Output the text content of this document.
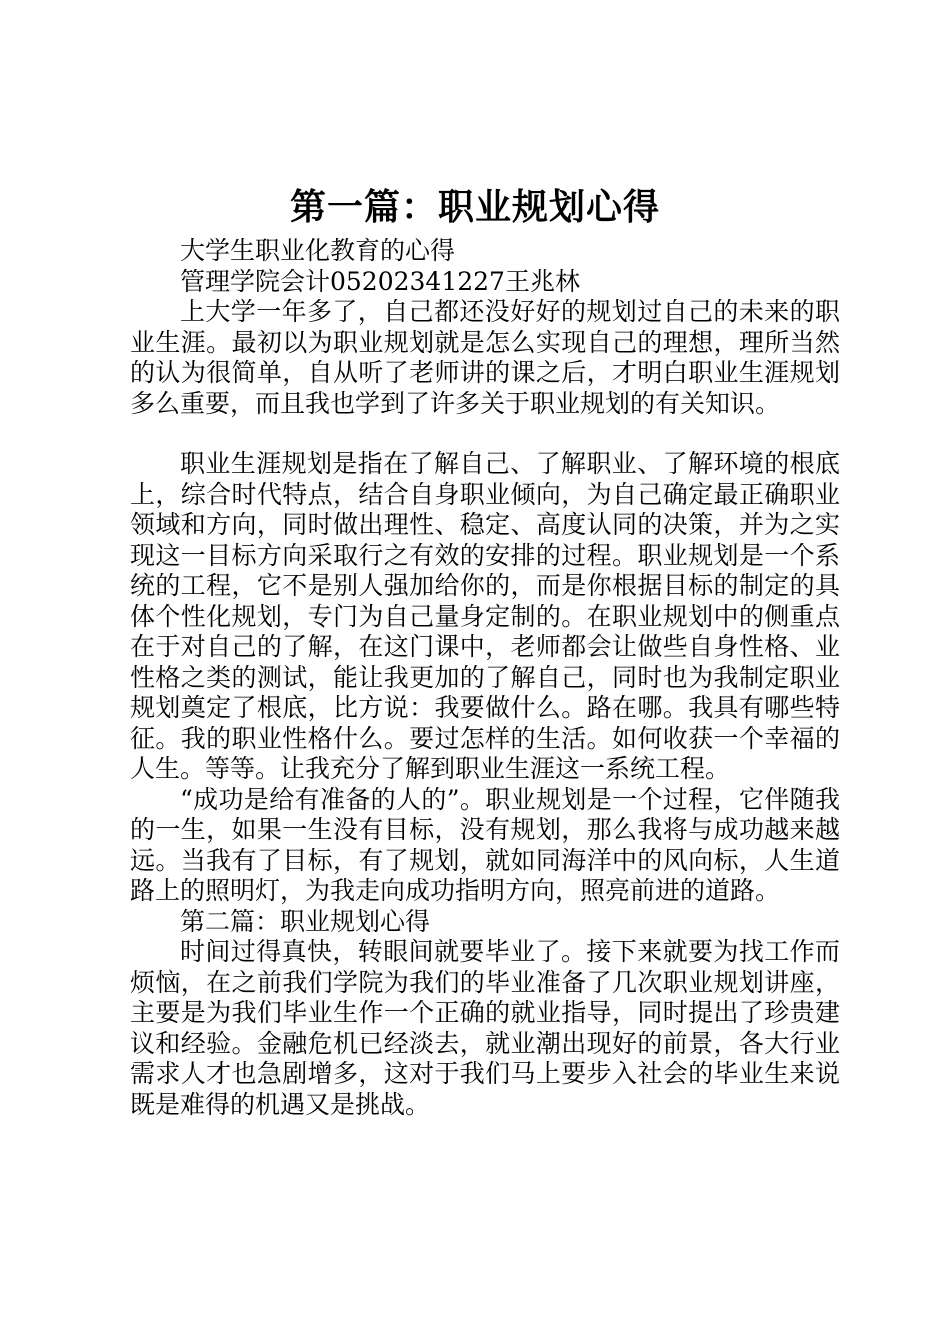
第一篇：职业规划心得

大学生职业化教育的心得

管理学院会计05202341227王兆林

上大学一年多了，自己都还没好好的规划过自己的未来的职业生涯。最初以为职业规划就是怎么实现自己的理想，理所当然的认为很简单，自从听了老师讲的课之后，才明白职业生涯规划多么重要，而且我也学到了许多关于职业规划的有关知识。

职业生涯规划是指在了解自己、了解职业、了解环境的根底上，综合时代特点，结合自身职业倾向，为自己确定最正确职业领域和方向，同时做出理性、稳定、高度认同的决策，并为之实现这一目标方向采取行之有效的安排的过程。职业规划是一个系统的工程，它不是别人强加给你的，而是你根据目标的制定的具体个性化规划，专门为自己量身定制的。在职业规划中的侧重点在于对自己的了解，在这门课中，老师都会让做些自身性格、业性格之类的测试，能让我更加的了解自己，同时也为我制定职业规划奠定了根底，比方说：我要做什么。路在哪。我具有哪些特征。我的职业性格什么。要过怎样的生活。如何收获一个幸福的人生。等等。让我充分了解到职业生涯这一系统工程。

“成功是给有准备的人的”。职业规划是一个过程，它伴随我的一生，如果一生没有目标，没有规划，那么我将与成功越来越远。当我有了目标，有了规划，就如同海洋中的风向标，人生道路上的照明灯，为我走向成功指明方向，照亮前进的道路。

第二篇：职业规划心得

时间过得真快，转眼间就要毕业了。接下来就要为找工作而烦恼，在之前我们学院为我们的毕业准备了几次职业规划讲座，主要是为我们毕业生作一个正确的就业指导，同时提出了珍贵建议和经验。金融危机已经淡去，就业潮出现好的前景，各大行业需求人才也急剧增多，这对于我们马上要步入社会的毕业生来说既是难得的机遇又是挑战。
